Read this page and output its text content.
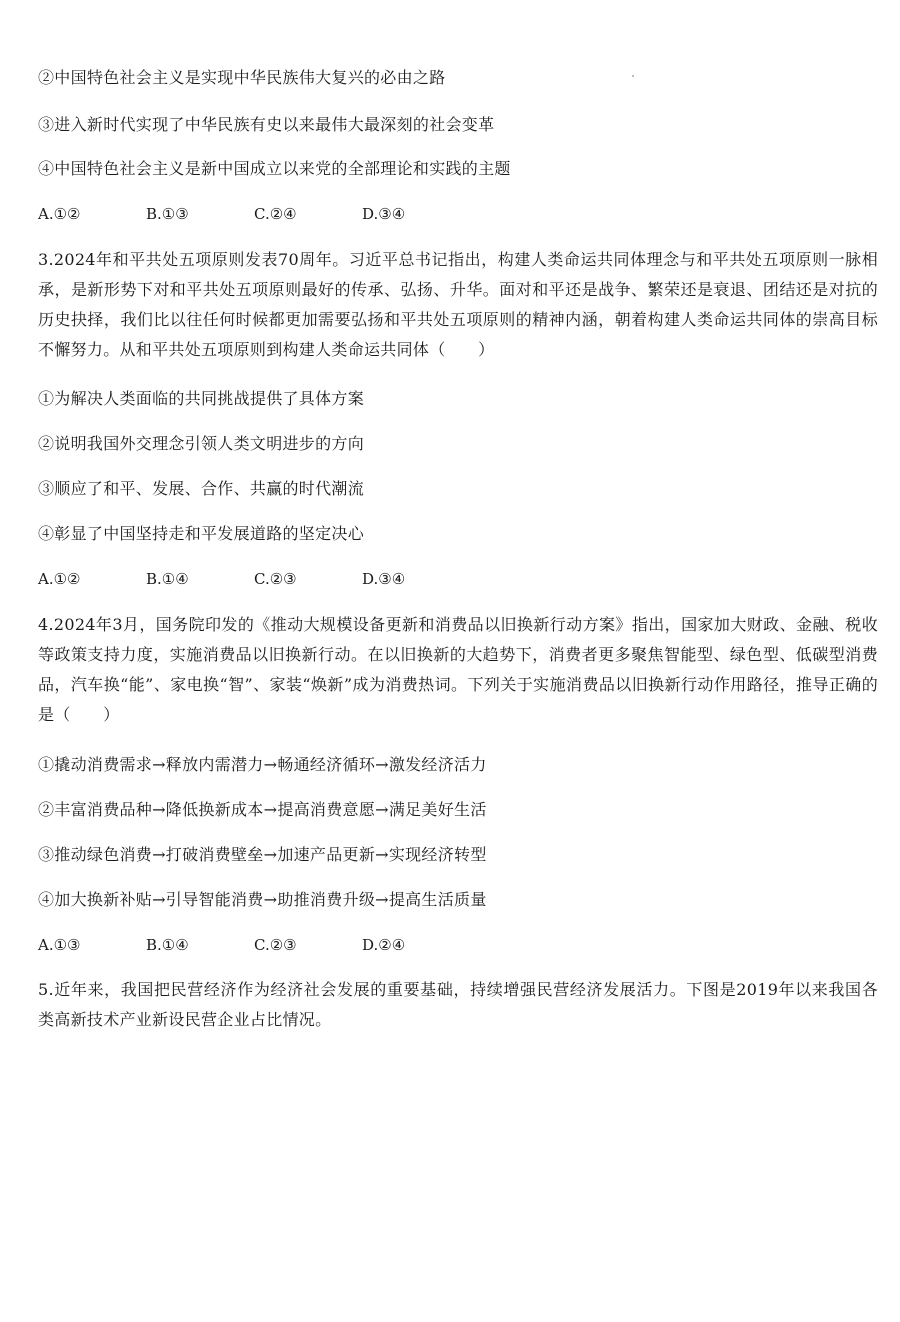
②中国特色社会主义是实现中华民族伟大复兴的必由之路
③进入新时代实现了中华民族有史以来最伟大最深刻的社会变革
④中国特色社会主义是新中国成立以来党的全部理论和实践的主题
A.①②	B.①③	C.②④	D.③④
3.2024年和平共处五项原则发表70周年。习近平总书记指出，构建人类命运共同体理念与和平共处五项原则一脉相承，是新形势下对和平共处五项原则最好的传承、弘扬、升华。面对和平还是战争、繁荣还是衰退、团结还是对抗的历史抉择，我们比以往任何时候都更加需要弘扬和平共处五项原则的精神内涵，朝着构建人类命运共同体的崇高目标不懈努力。从和平共处五项原则到构建人类命运共同体（　　）
①为解决人类面临的共同挑战提供了具体方案
②说明我国外交理念引领人类文明进步的方向
③顺应了和平、发展、合作、共赢的时代潮流
④彰显了中国坚持走和平发展道路的坚定决心
A.①②	B.①④	C.②③	D.③④
4.2024年3月，国务院印发的《推动大规模设备更新和消费品以旧换新行动方案》指出，国家加大财政、金融、税收等政策支持力度，实施消费品以旧换新行动。在以旧换新的大趋势下，消费者更多聚焦智能型、绿色型、低碳型消费品，汽车换“能”、家电换“智”、家装“焕新”成为消费热词。下列关于实施消费品以旧换新行动作用路径，推导正确的是（　　）
①撬动消费需求→释放内需潜力→畅通经济循环→激发经济活力
②丰富消费品种→降低换新成本→提高消费意愿→满足美好生活
③推动绿色消费→打破消费壁垒→加速产品更新→实现经济转型
④加大换新补贴→引导智能消费→助推消费升级→提高生活质量
A.①③	B.①④	C.②③	D.②④
5.近年来，我国把民营经济作为经济社会发展的重要基础，持续增强民营经济发展活力。下图是2019年以来我国各类高新技术产业新设民营企业占比情况。
